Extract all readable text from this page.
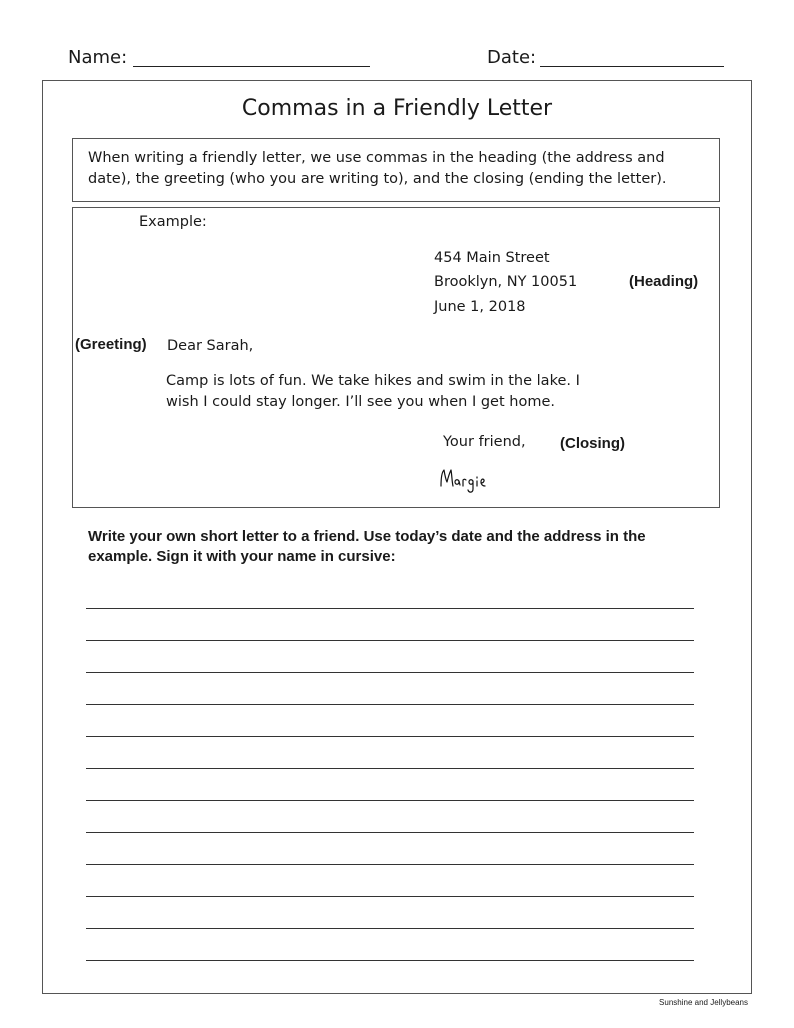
Name:	Date:
Commas in a Friendly Letter
When writing a friendly letter, we use commas in the heading (the address and
date), the greeting (who you are writing to), and the closing (ending the letter).
Example:
454 Main Street
Brooklyn, NY 10051
June 1, 2018
(Heading)
(Greeting) Dear Sarah,
Camp is lots of fun. We take hikes and swim in the lake. I
wish I could stay longer. I’ll see you when I get home.
Your friend, (Closing)
Write your own short letter to a friend. Use today’s date and the address in the
example. Sign it with your name in cursive:
Sunshine and Jellybeans
